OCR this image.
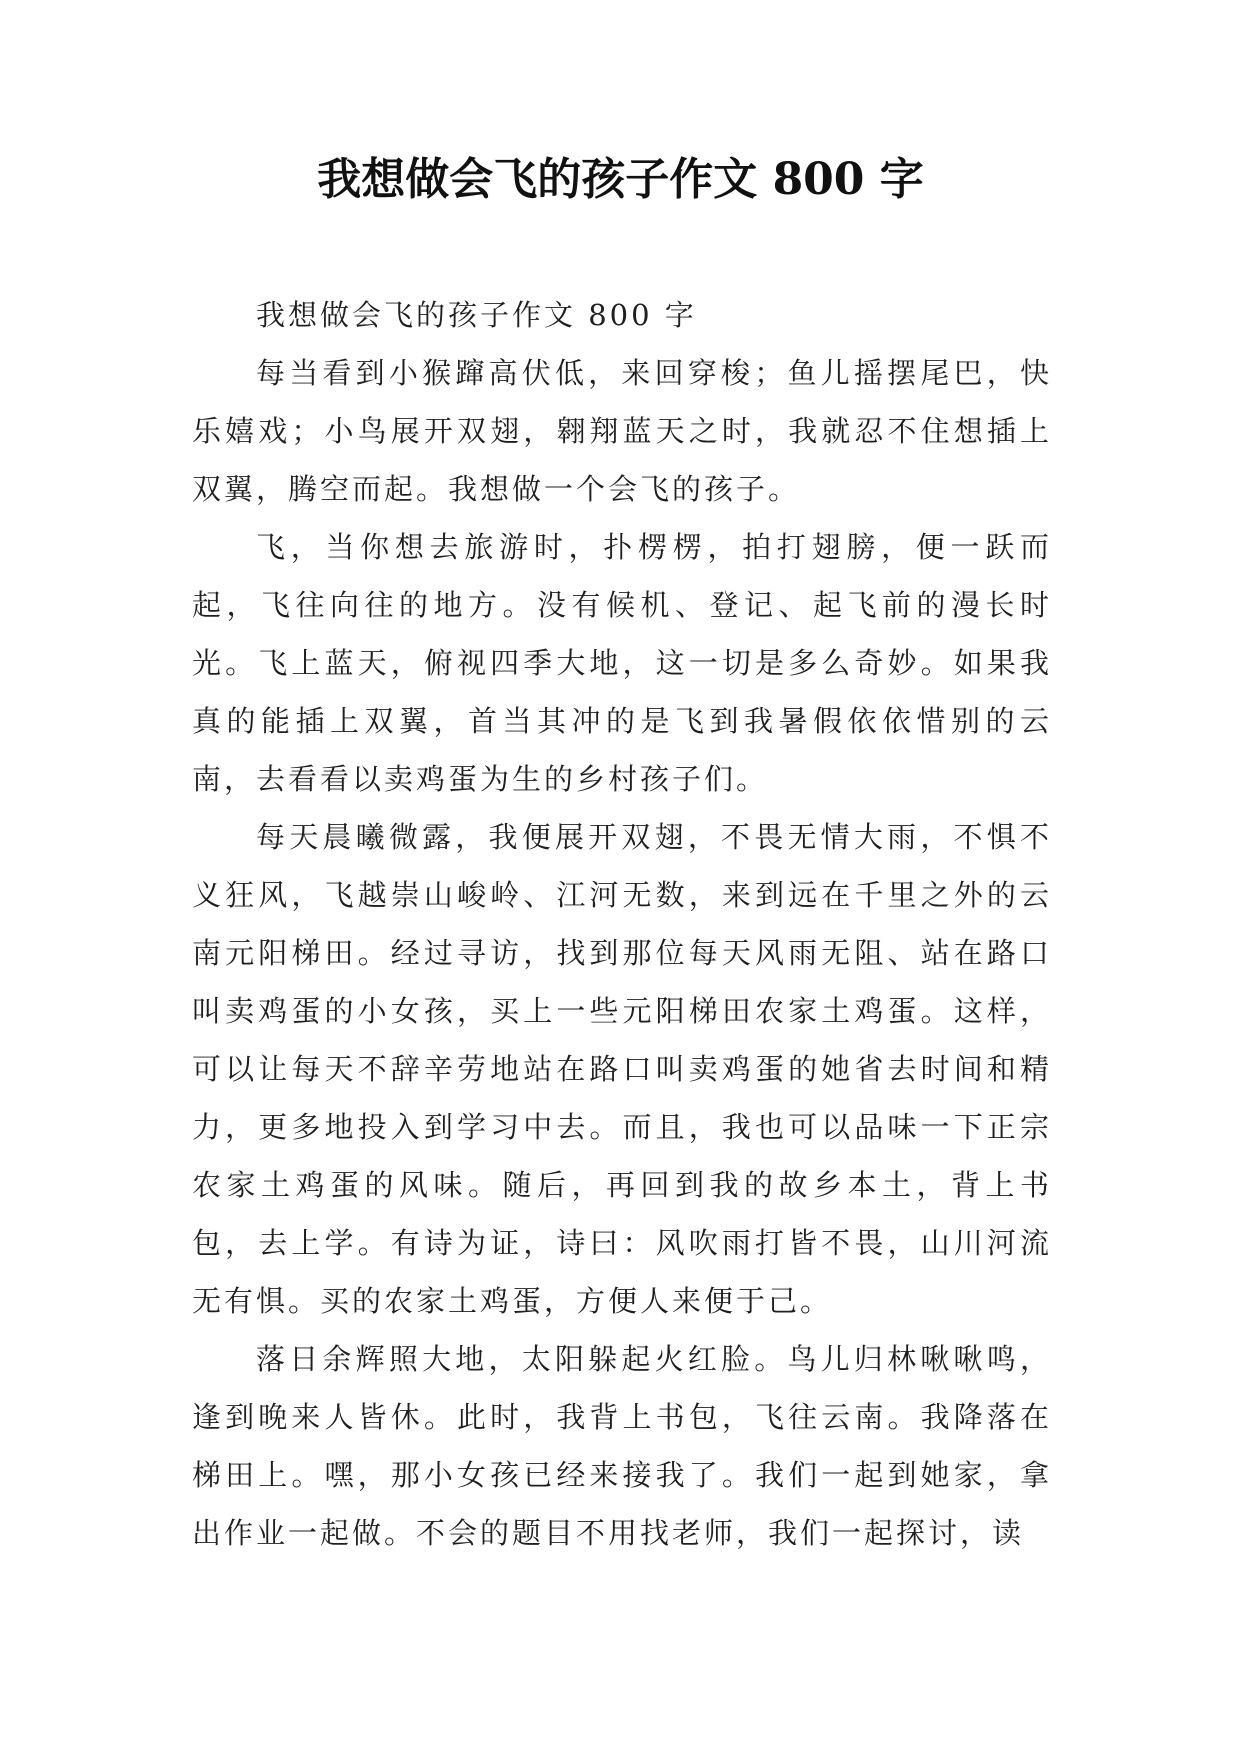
我想做会飞的孩子作文 800 字

我想做会飞的孩子作文 800 字

每当看到小猴蹿高伏低，来回穿梭；鱼儿摇摆尾巴，快乐嬉戏；小鸟展开双翅，翱翔蓝天之时，我就忍不住想插上双翼，腾空而起。我想做一个会飞的孩子。

飞，当你想去旅游时，扑楞楞，拍打翅膀，便一跃而起，飞往向往的地方。没有候机、登记、起飞前的漫长时光。飞上蓝天，俯视四季大地，这一切是多么奇妙。如果我真的能插上双翼，首当其冲的是飞到我暑假依依惜别的云南，去看看以卖鸡蛋为生的乡村孩子们。

每天晨曦微露，我便展开双翅，不畏无情大雨，不惧不义狂风，飞越崇山峻岭、江河无数，来到远在千里之外的云南元阳梯田。经过寻访，找到那位每天风雨无阻、站在路口叫卖鸡蛋的小女孩，买上一些元阳梯田农家土鸡蛋。这样，可以让每天不辞辛劳地站在路口叫卖鸡蛋的她省去时间和精力，更多地投入到学习中去。而且，我也可以品味一下正宗农家土鸡蛋的风味。随后，再回到我的故乡本土，背上书包，去上学。有诗为证，诗曰：风吹雨打皆不畏，山川河流无有惧。买的农家土鸡蛋，方便人来便于己。

落日余辉照大地，太阳躲起火红脸。鸟儿归林啾啾鸣，逢到晚来人皆休。此时，我背上书包，飞往云南。我降落在梯田上。嘿，那小女孩已经来接我了。我们一起到她家，拿出作业一起做。不会的题目不用找老师，我们一起探讨，读
